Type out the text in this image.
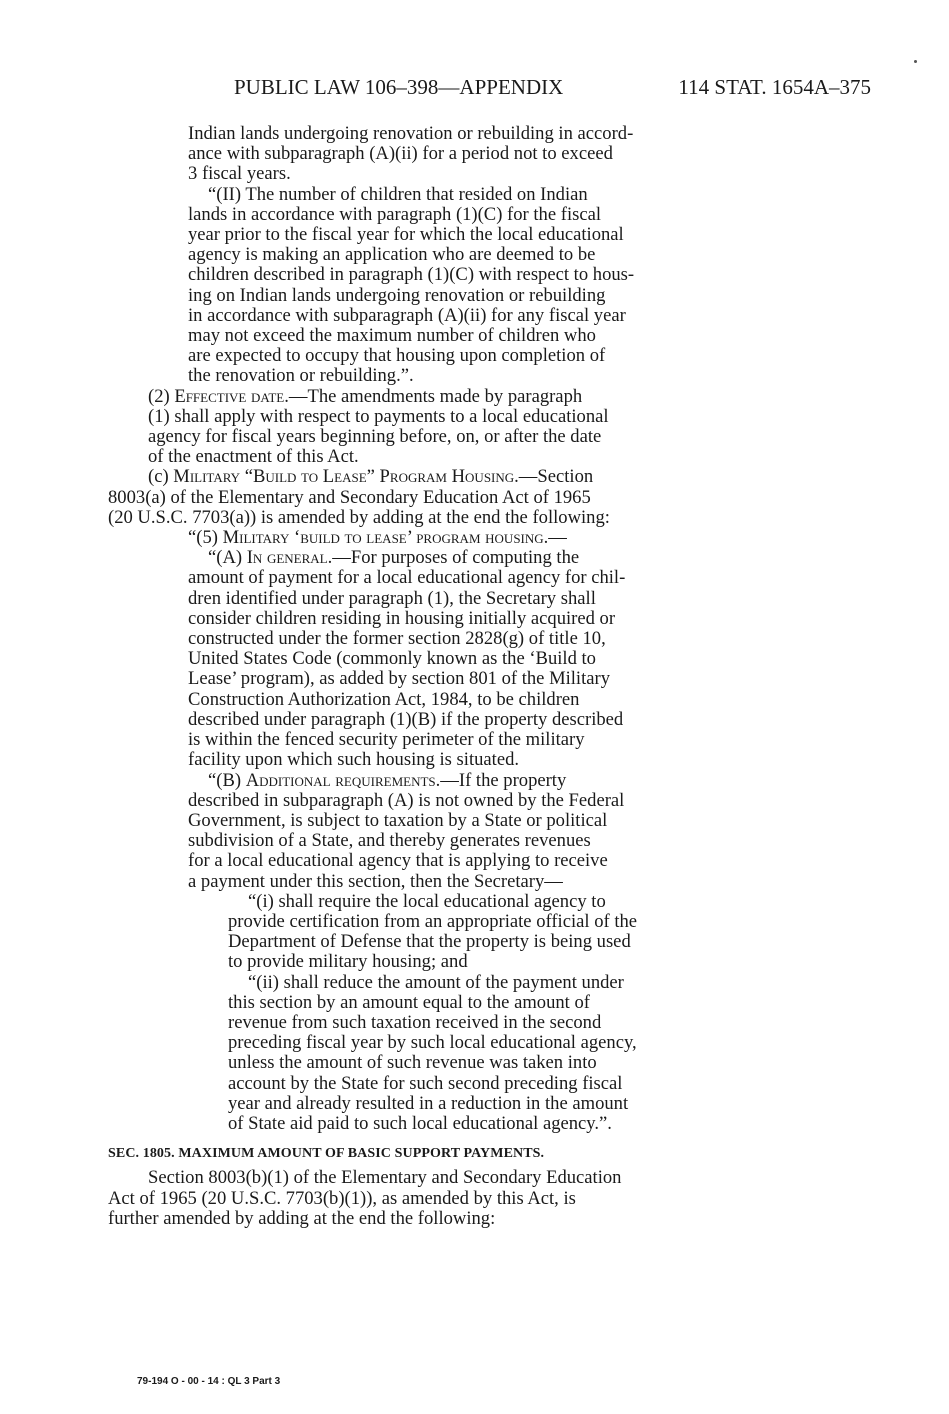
PUBLIC LAW 106–398—APPENDIX	114 STAT. 1654A–375

Indian lands undergoing renovation or rebuilding in accord-

ance with subparagraph (A)(ii) for a period not to exceed

3 fiscal years.

“(II) The number of children that resided on Indian

lands in accordance with paragraph (1)(C) for the fiscal

year prior to the fiscal year for which the local educational

agency is making an application who are deemed to be

children described in paragraph (1)(C) with respect to hous-

ing on Indian lands undergoing renovation or rebuilding

in accordance with subparagraph (A)(ii) for any fiscal year

may not exceed the maximum number of children who

are expected to occupy that housing upon completion of

the renovation or rebuilding.”.

(2) Effective date.—The amendments made by paragraph

(1) shall apply with respect to payments to a local educational

agency for fiscal years beginning before, on, or after the date

of the enactment of this Act.

(c) Military “Build to Lease” Program Housing.—Section

8003(a) of the Elementary and Secondary Education Act of 1965

(20 U.S.C. 7703(a)) is amended by adding at the end the following:

“(5) Military ‘build to lease’ program housing.—

“(A) In general.—For purposes of computing the

amount of payment for a local educational agency for chil-

dren identified under paragraph (1), the Secretary shall

consider children residing in housing initially acquired or

constructed under the former section 2828(g) of title 10,

United States Code (commonly known as the ‘Build to

Lease’ program), as added by section 801 of the Military

Construction Authorization Act, 1984, to be children

described under paragraph (1)(B) if the property described

is within the fenced security perimeter of the military

facility upon which such housing is situated.

“(B) Additional requirements.—If the property

described in subparagraph (A) is not owned by the Federal

Government, is subject to taxation by a State or political

subdivision of a State, and thereby generates revenues

for a local educational agency that is applying to receive

a payment under this section, then the Secretary—

“(i) shall require the local educational agency to

provide certification from an appropriate official of the

Department of Defense that the property is being used

to provide military housing; and

“(ii) shall reduce the amount of the payment under

this section by an amount equal to the amount of

revenue from such taxation received in the second

preceding fiscal year by such local educational agency,

unless the amount of such revenue was taken into

account by the State for such second preceding fiscal

year and already resulted in a reduction in the amount

of State aid paid to such local educational agency.”.

SEC. 1805. MAXIMUM AMOUNT OF BASIC SUPPORT PAYMENTS.

Section 8003(b)(1) of the Elementary and Secondary Education

Act of 1965 (20 U.S.C. 7703(b)(1)), as amended by this Act, is

further amended by adding at the end the following:

79-194 O - 00 - 14 : QL 3 Part 3
